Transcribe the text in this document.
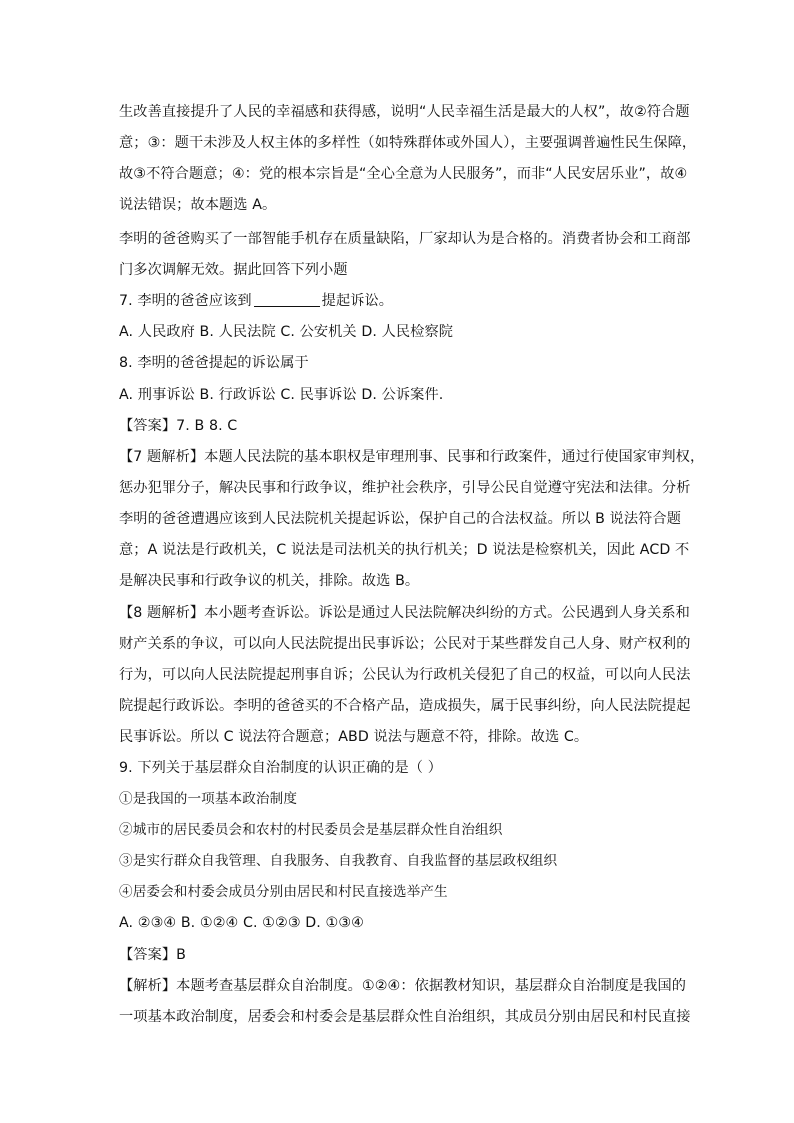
生改善直接提升了人民的幸福感和获得感，说明“人民幸福生活是最大的人权”，故②符合题
意；③：题干未涉及人权主体的多样性（如特殊群体或外国人），主要强调普遍性民生保障，
故③不符合题意；④：党的根本宗旨是“全心全意为人民服务”，而非“人民安居乐业”，故④
说法错误；故本题选 A。
李明的爸爸购买了一部智能手机存在质量缺陷，厂家却认为是合格的。消费者协会和工商部
门多次调解无效。据此回答下列小题
7. 李明的爸爸应该到	提起诉讼。
A. 人民政府 B. 人民法院 C. 公安机关 D. 人民检察院
8. 李明的爸爸提起的诉讼属于
A. 刑事诉讼 B. 行政诉讼 C. 民事诉讼 D. 公诉案件.
【答案】7. B 8. C
【7 题解析】本题人民法院的基本职权是审理刑事、民事和行政案件，通过行使国家审判权，
惩办犯罪分子，解决民事和行政争议，维护社会秩序，引导公民自觉遵守宪法和法律。分析
李明的爸爸遭遇应该到人民法院机关提起诉讼，保护自己的合法权益。所以 B 说法符合题
意；A 说法是行政机关，C 说法是司法机关的执行机关；D 说法是检察机关，因此 ACD 不
是解决民事和行政争议的机关，排除。故选 B。
【8 题解析】本小题考查诉讼。诉讼是通过人民法院解决纠纷的方式。公民遇到人身关系和
财产关系的争议，可以向人民法院提出民事诉讼；公民对于某些群发自己人身、财产权利的
行为，可以向人民法院提起刑事自诉；公民认为行政机关侵犯了自己的权益，可以向人民法
院提起行政诉讼。李明的爸爸买的不合格产品，造成损失，属于民事纠纷，向人民法院提起
民事诉讼。所以 C 说法符合题意；ABD 说法与题意不符，排除。故选 C。
9. 下列关于基层群众自治制度的认识正确的是（ ）
①是我国的一项基本政治制度
②城市的居民委员会和农村的村民委员会是基层群众性自治组织
③是实行群众自我管理、自我服务、自我教育、自我监督的基层政权组织
④居委会和村委会成员分别由居民和村民直接选举产生
A. ②③④ B. ①②④ C. ①②③ D. ①③④
【答案】B
【解析】本题考查基层群众自治制度。①②④：依据教材知识，基层群众自治制度是我国的
一项基本政治制度，居委会和村委会是基层群众性自治组织，其成员分别由居民和村民直接
